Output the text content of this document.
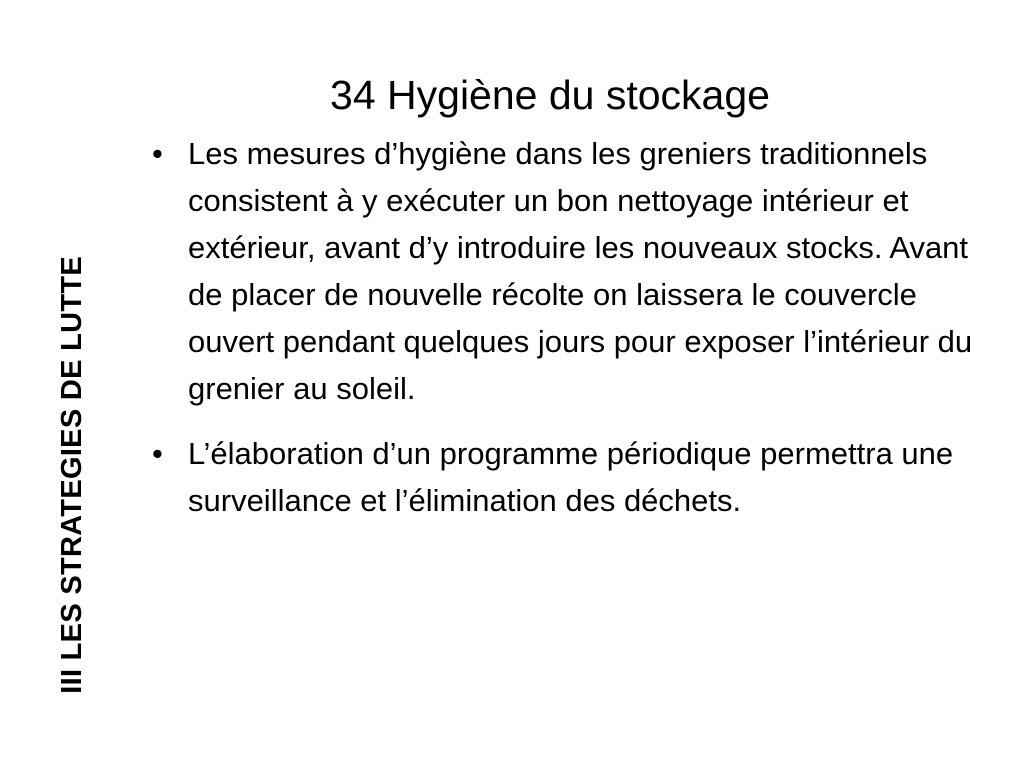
III LES STRATEGIES DE LUTTE
34 Hygiène du stockage
• Les mesures d’hygiène dans les greniers traditionnels consistent à y exécuter un bon nettoyage intérieur et extérieur, avant d’y introduire les nouveaux stocks. Avant de placer de nouvelle récolte on laissera le couvercle ouvert pendant quelques jours pour exposer l’intérieur du grenier au soleil.
• L’élaboration d’un programme périodique permettra une surveillance et l’élimination des déchets.
